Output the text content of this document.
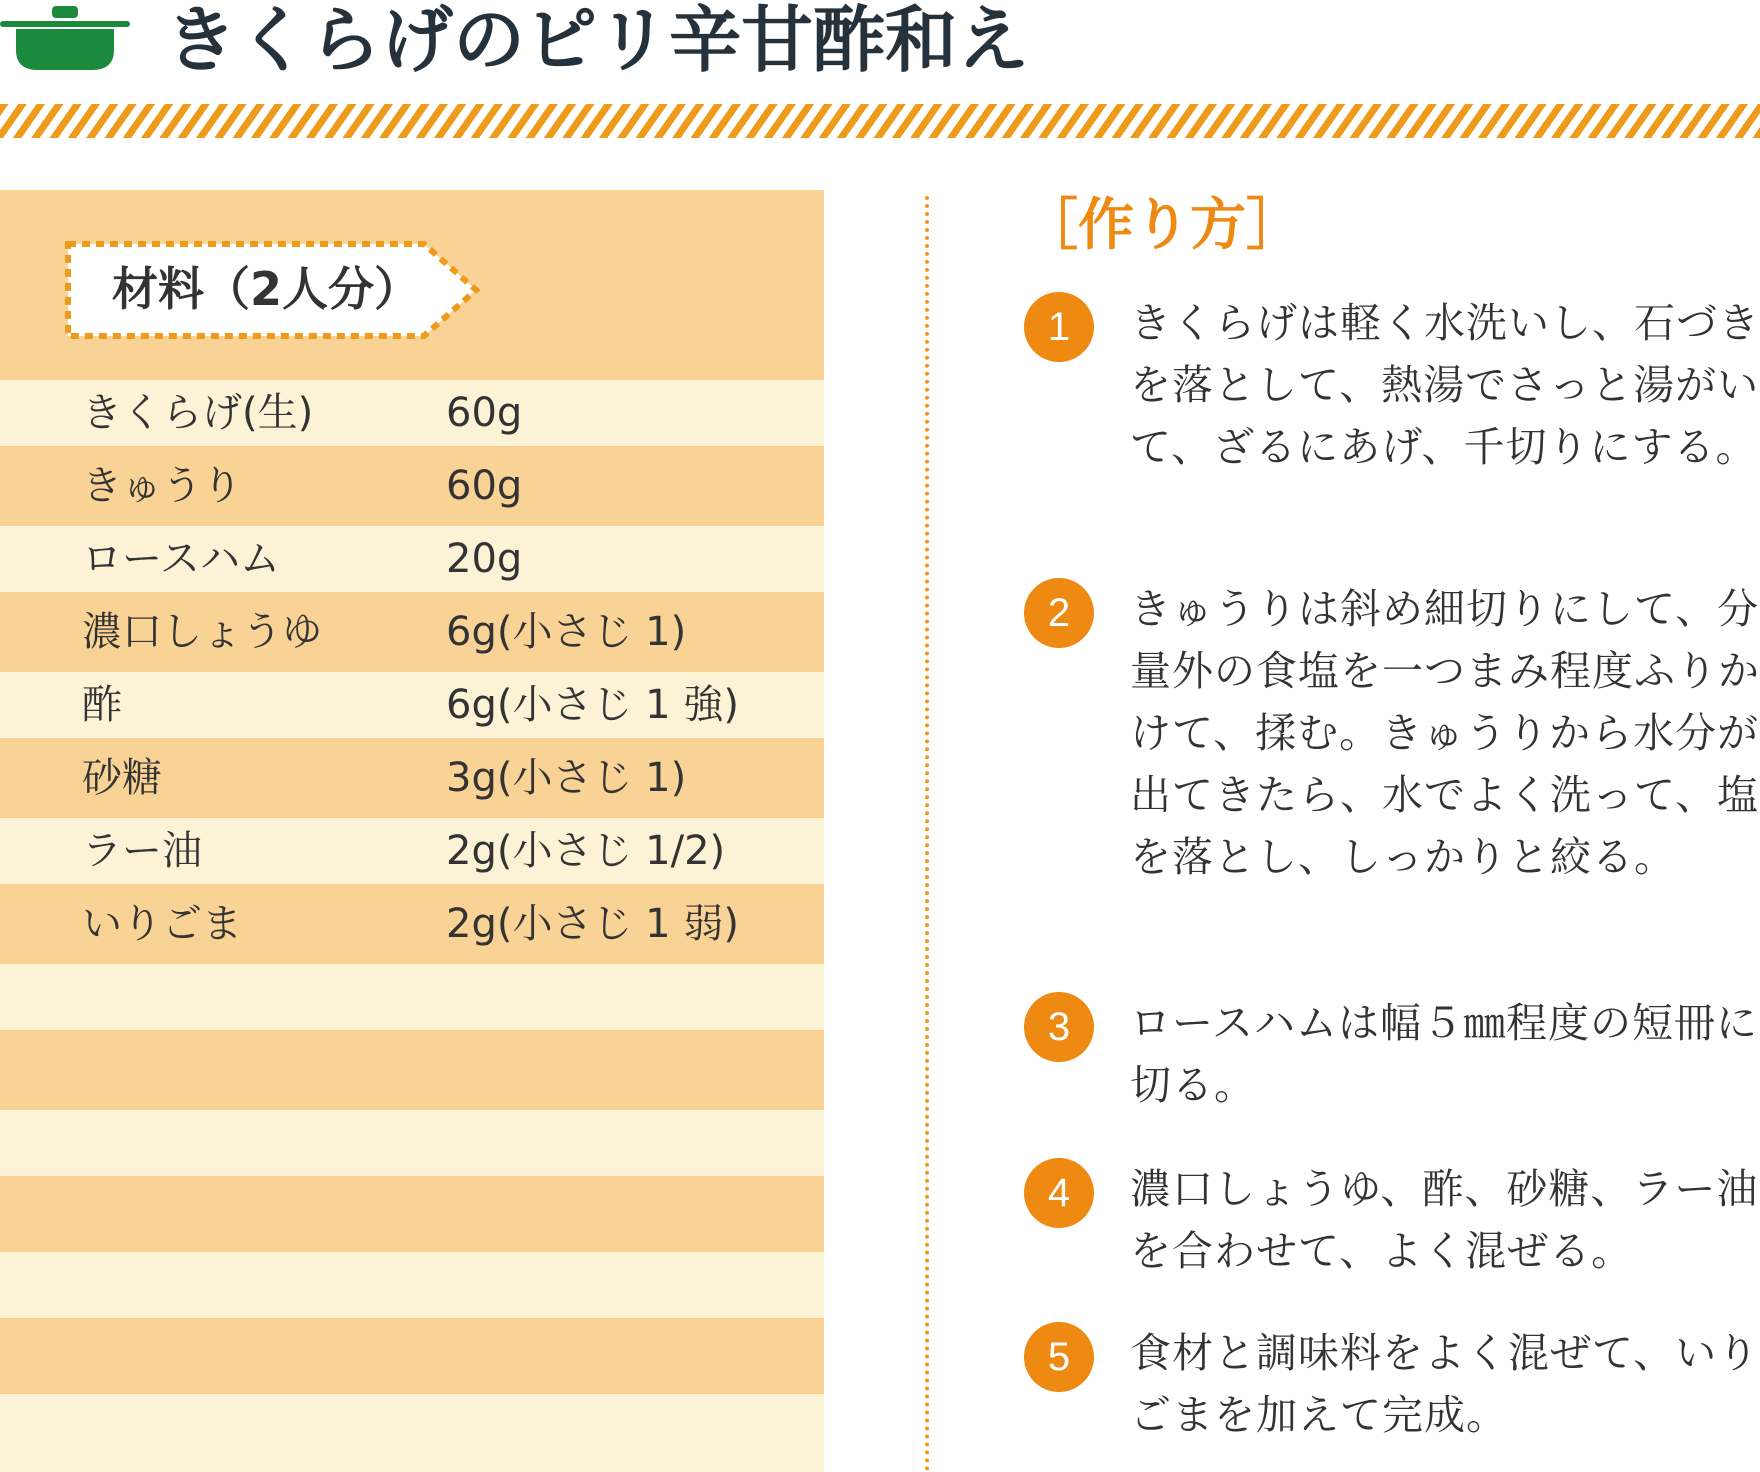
きくらげのピリ辛甘酢和え
材料（2人分）
きくらげ(生)	60g
きゅうり	60g
ロースハム	20g
濃口しょうゆ	6g(小さじ 1)
酢	6g(小さじ 1 強)
砂糖	3g(小さじ 1)
ラー油	2g(小さじ 1/2)
いりごま	2g(小さじ 1 弱)
［作り方］
1	きくらげは軽く水洗いし、石づきを落として、熱湯でさっと湯がいて、ざるにあげ、千切りにする。
2	きゅうりは斜め細切りにして、分量外の食塩を一つまみ程度ふりかけて、揉む。きゅうりから水分が出てきたら、水でよく洗って、塩を落とし、しっかりと絞る。
3	ロースハムは幅５㎜程度の短冊に切る。
4	濃口しょうゆ、酢、砂糖、ラー油を合わせて、よく混ぜる。
5	食材と調味料をよく混ぜて、いりごまを加えて完成。
